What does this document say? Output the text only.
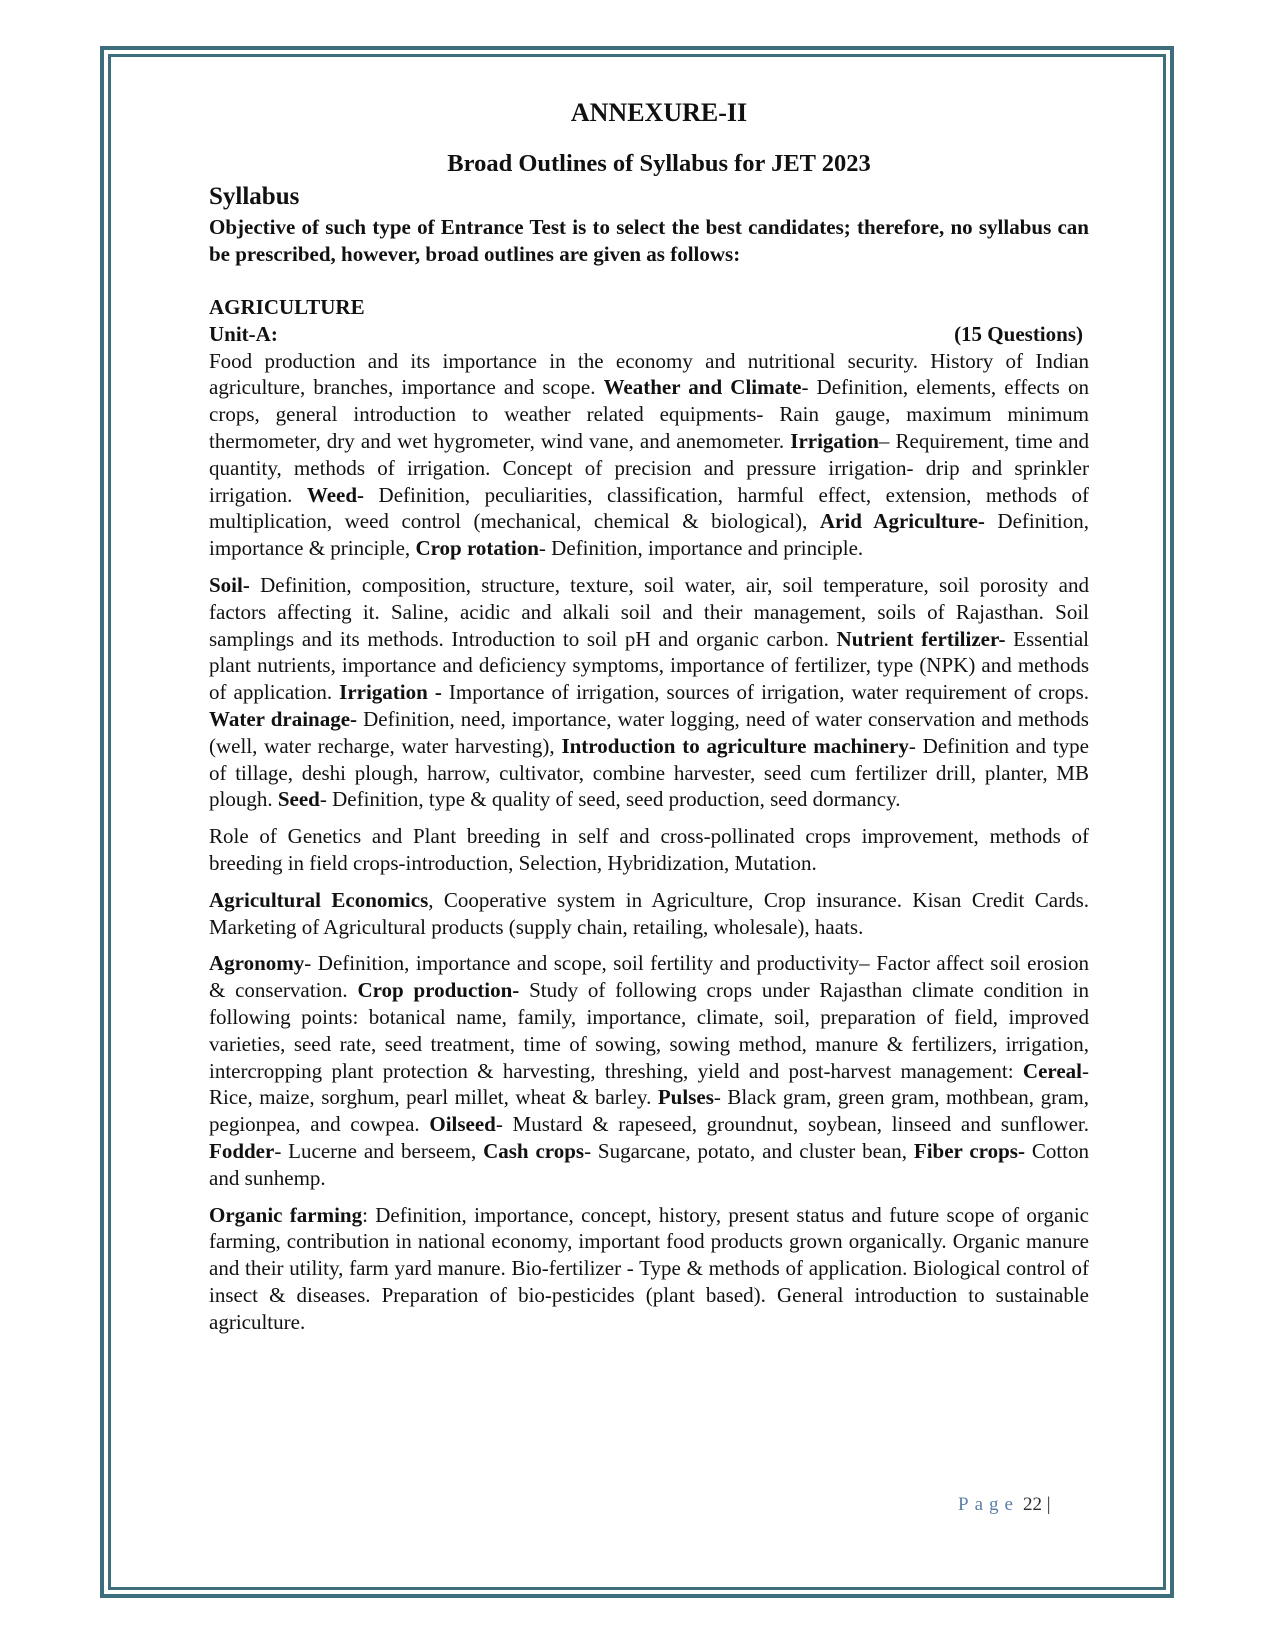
ANNEXURE-II
Broad Outlines of Syllabus for JET 2023
Syllabus

Objective of such type of Entrance Test is to select the best candidates; therefore, no syllabus can be prescribed, however, broad outlines are given as follows:

AGRICULTURE
Unit-A:	(15 Questions)

Food production and its importance in the economy and nutritional security. History of Indian agriculture, branches, importance and scope. Weather and Climate- Definition, elements, effects on crops, general introduction to weather related equipments- Rain gauge, maximum minimum thermometer, dry and wet hygrometer, wind vane, and anemometer. Irrigation– Requirement, time and quantity, methods of irrigation. Concept of precision and pressure irrigation- drip and sprinkler irrigation. Weed- Definition, peculiarities, classification, harmful effect, extension, methods of multiplication, weed control (mechanical, chemical & biological), Arid Agriculture- Definition, importance & principle, Crop rotation- Definition, importance and principle.

Soil- Definition, composition, structure, texture, soil water, air, soil temperature, soil porosity and factors affecting it. Saline, acidic and alkali soil and their management, soils of Rajasthan. Soil samplings and its methods. Introduction to soil pH and organic carbon. Nutrient fertilizer- Essential plant nutrients, importance and deficiency symptoms, importance of fertilizer, type (NPK) and methods of application. Irrigation - Importance of irrigation, sources of irrigation, water requirement of crops. Water drainage- Definition, need, importance, water logging, need of water conservation and methods (well, water recharge, water harvesting), Introduction to agriculture machinery- Definition and type of tillage, deshi plough, harrow, cultivator, combine harvester, seed cum fertilizer drill, planter, MB plough. Seed- Definition, type & quality of seed, seed production, seed dormancy.

Role of Genetics and Plant breeding in self and cross-pollinated crops improvement, methods of breeding in field crops-introduction, Selection, Hybridization, Mutation.

Agricultural Economics, Cooperative system in Agriculture, Crop insurance. Kisan Credit Cards. Marketing of Agricultural products (supply chain, retailing, wholesale), haats.

Agronomy- Definition, importance and scope, soil fertility and productivity– Factor affect soil erosion & conservation. Crop production- Study of following crops under Rajasthan climate condition in following points: botanical name, family, importance, climate, soil, preparation of field, improved varieties, seed rate, seed treatment, time of sowing, sowing method, manure & fertilizers, irrigation, intercropping plant protection & harvesting, threshing, yield and post-harvest management: Cereal- Rice, maize, sorghum, pearl millet, wheat & barley. Pulses- Black gram, green gram, mothbean, gram, pegionpea, and cowpea. Oilseed- Mustard & rapeseed, groundnut, soybean, linseed and sunflower. Fodder- Lucerne and berseem, Cash crops- Sugarcane, potato, and cluster bean, Fiber crops- Cotton and sunhemp.

Organic farming: Definition, importance, concept, history, present status and future scope of organic farming, contribution in national economy, important food products grown organically. Organic manure and their utility, farm yard manure. Bio-fertilizer - Type & methods of application. Biological control of insect & diseases. Preparation of bio-pesticides (plant based). General introduction to sustainable agriculture.

Page 22 |
